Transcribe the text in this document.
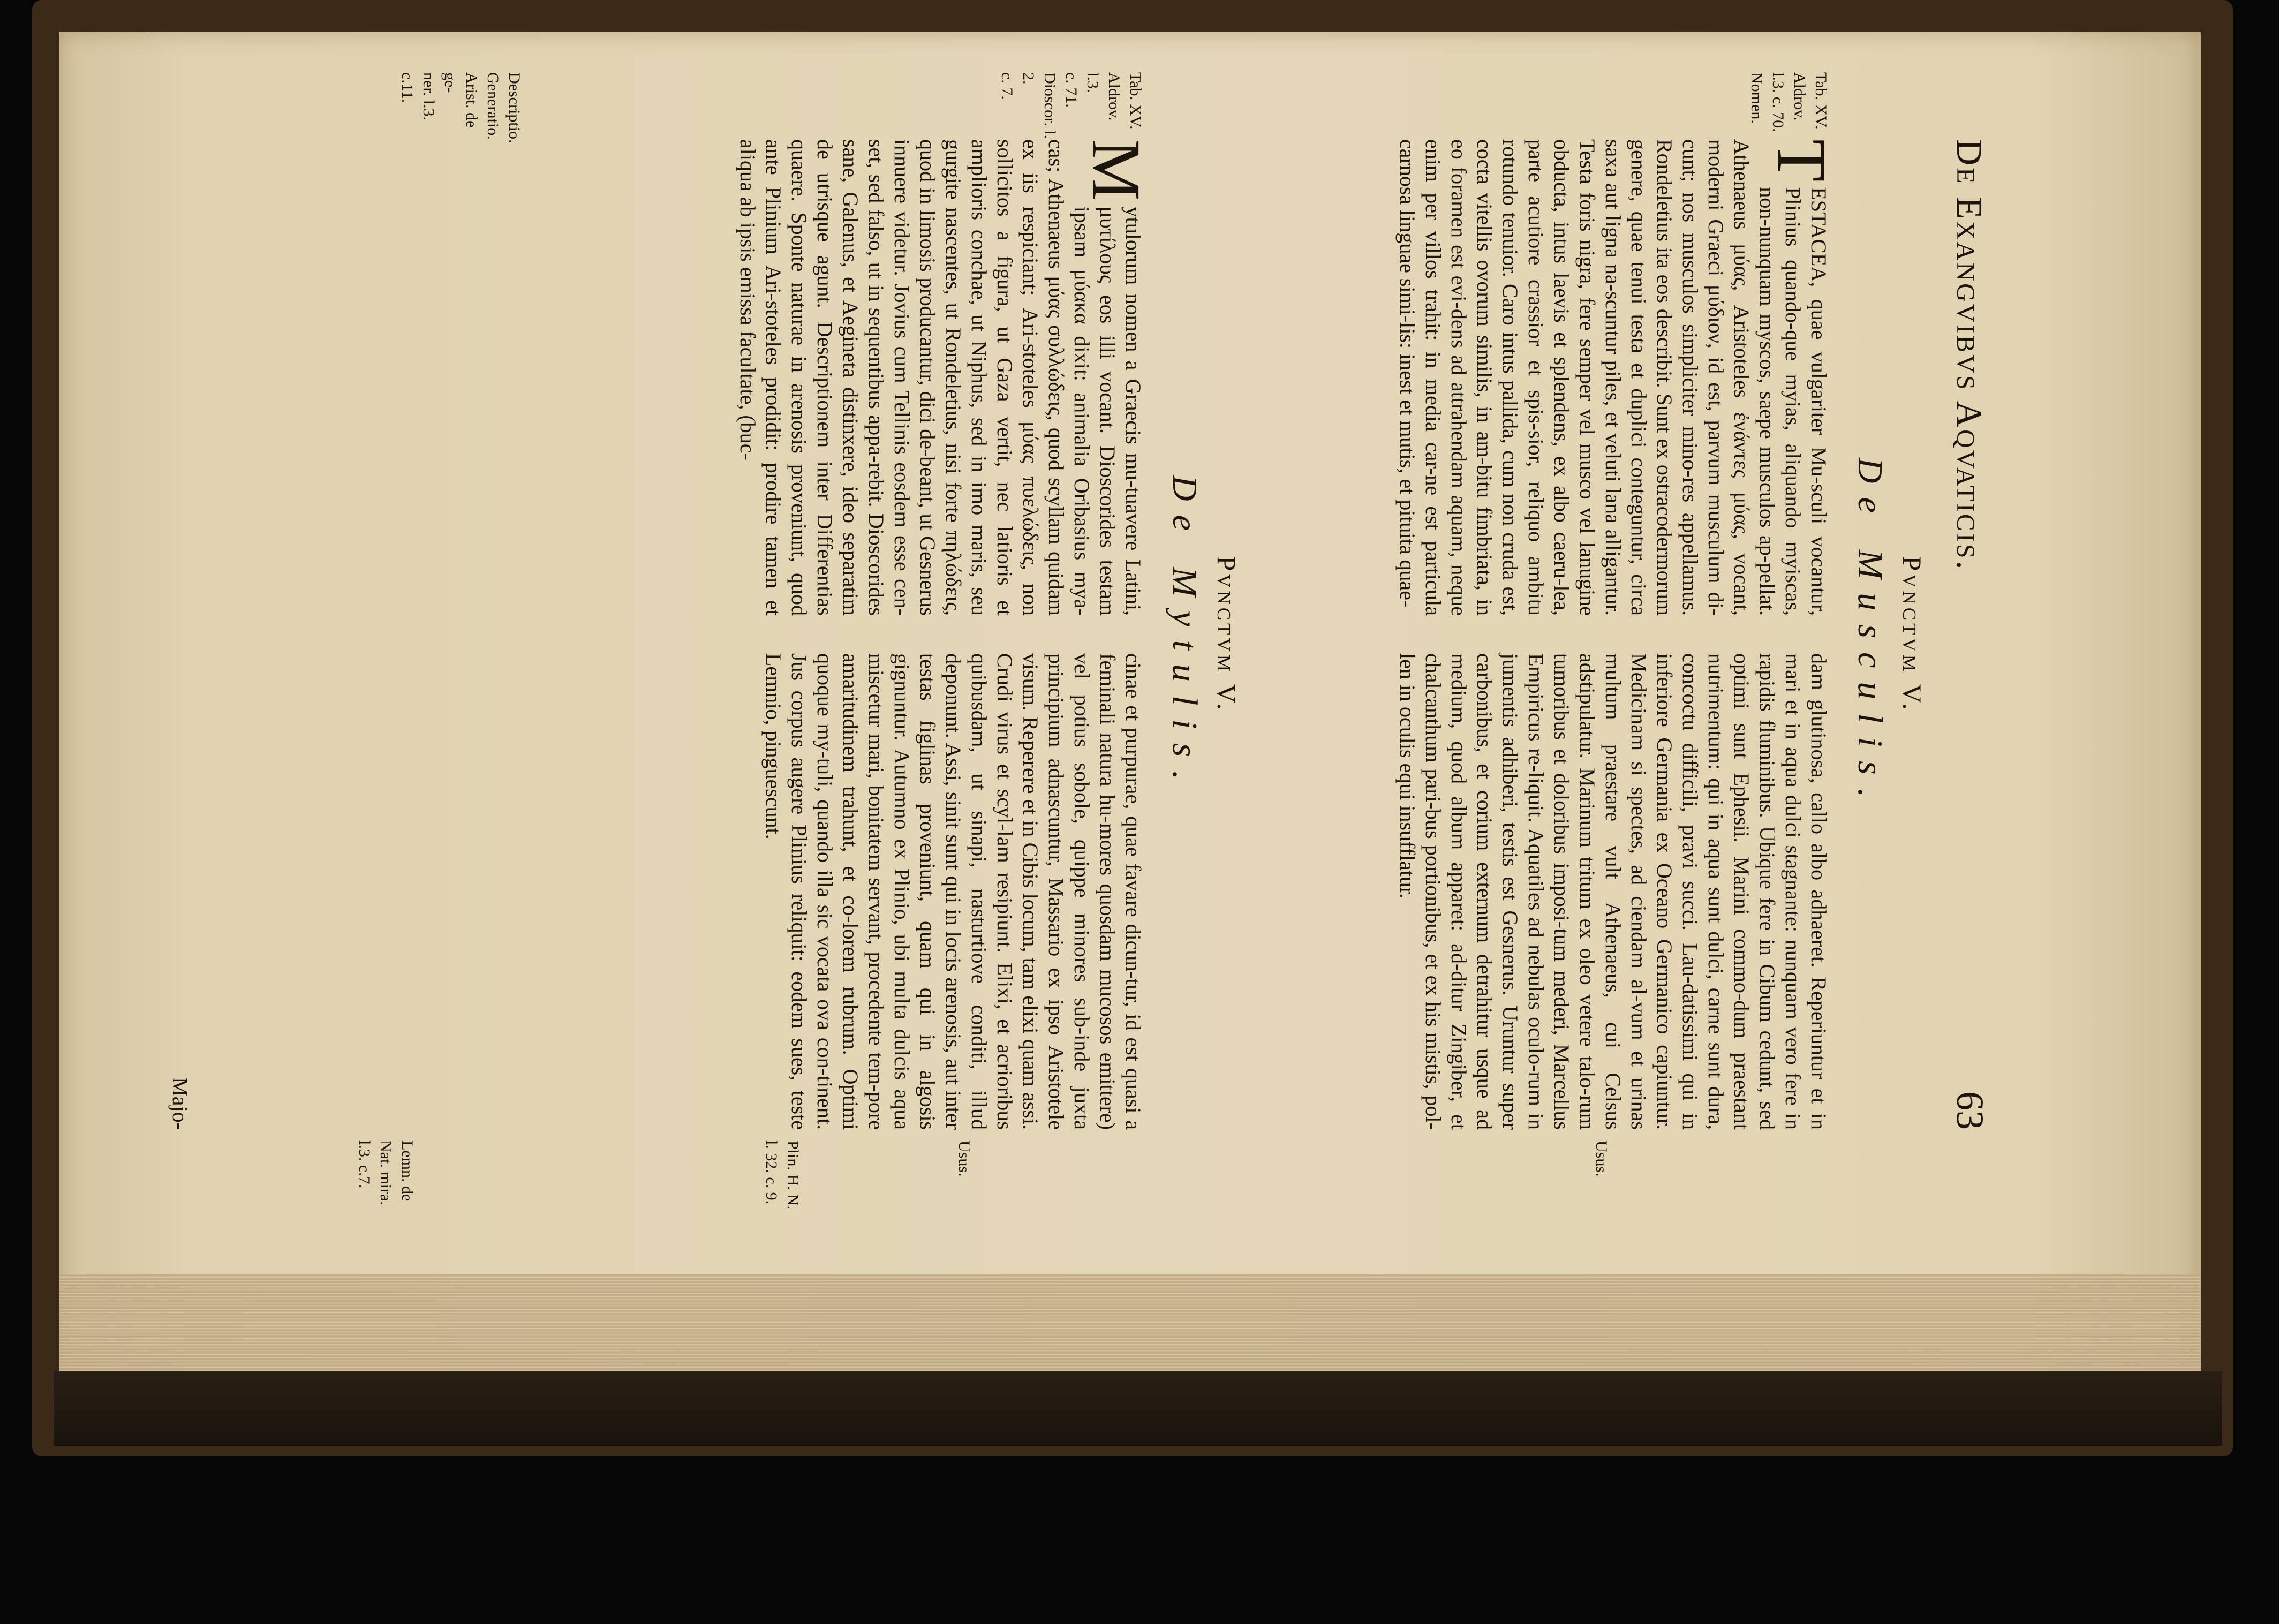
De Exangvibvs Aqvaticis.
63
Pvnctvm V.
De Musculis.
Tab. XV.
Aldrov.
l.3. c. 70.
Nomen.
Usus.

T
ESTACEA, quae vulgariter Mu-sculi vocantur, Plinius quando-que myias, aliquando myiscas, non-nunquam myscos, saepe musculos ap-pellat. Athenaeus μύας, Aristoteles ἐνάντες μύας, vocant, moderni Graeci μύδιον, id est, parvum musculum di-cunt; nos musculos simpliciter mino-res appellamus. Rondeletius ita eos describit. Sunt ex ostracodermorum genere, quae tenui testa et duplici conteguntur, circa saxa aut ligna na-scuntur piles, et veluti lana alligantur. Testa foris nigra, fere semper vel musco vel lanugine obducta, intus laevis et splendens, ex albo caeru-lea, parte acutiore crassior et spis-sior, reliquo ambitu rotundo tenuior. Caro intus pallida, cum non cruda est, cocta vitellis ovorum similis, in am-bitu fimbriata, in eo foramen est evi-dens ad attrahendam aquam, neque enim per villos trahit: in media car-ne est particula carnosa linguae simi-lis: inest et mutis, et pituita quae-

dam glutinosa, callo albo adhaeret. Reperiuntur et in mari et in aqua dulci stagnante: nunquam vero fere in rapidis fluminibus. Ubique fere in Cibum cedunt, sed optimi sunt Ephesii. Marini commo-dum praestant nutrimentum: qui in aqua sunt dulci, carne sunt dura, concoctu difficili, pravi succi. Lau-datissimi qui in inferiore Germania ex Oceano Germanico capiuntur. Medicinam si spectes, ad ciendam al-vum et urinas multum praestare vult Athenaeus, cui Celsus adstipulatur. Marinum tritum ex oleo vetere talo-rum tumoribus et doloribus imposi-tum mederi, Marcellus Empiricus re-liquit. Aquatiles ad nebulas oculo-rum in jumentis adhiberi, testis est Gesnerus. Uruntur super carbonibus, et corium externum detrahitur usque ad medium, quod album apparet: ad-ditur Zingiber, et chalcanthum pari-bus portionibus, et ex his mistis, pol-len in oculis equi insufflatur.

Pvnctvm V.
De Mytulis.
Tab. XV.
Aldrov. l.3.
c. 71.
Dioscor. l. 2.
c. 7.
Descriptio.
Generatio.
Arist. de ge-
ner. l.3. c.11.
Usus.
Plin. H. N.
l. 32. c. 9.
Lemn. de
Nat. mira.
l.3. c.7.

M
ytulorum nomen a Graecis mu-tuavere Latini, μυτίλους eos illi vocant. Dioscorides testam ipsam μύακα dixit: animalia Oribasius mya-cas; Athenaeus μύας συλλώδεις, quod scyllam quidam ex iis respiciant; Ari-stoteles μύας πυελώδεις, non sollicitos a figura, ut Gaza vertit, nec latioris et amplioris conchae, ut Niphus, sed in imo maris, seu gurgite nascentes, ut Rondeletius, nisi forte πηλώδεις, quod in limosis producantur, dici de-beant, ut Gesnerus innuere videtur. Jovius cum Tellinis eosdem esse cen-set, sed falso, ut in sequentibus appa-rebit. Dioscorides sane, Galenus, et Aegineta distinxere, ideo separatim de utrisque agunt. Descriptionem inter Differentias quaere. Sponte naturae in arenosis proveniunt, quod ante Plinium Ari-stoteles prodidit: prodire tamen et aliqua ab ipsis emissa facultate, (buc-

cinae et purpurae, quae favare dicun-tur, id est quasi a feminali natura hu-mores quosdam mucosos emittere) vel potius sobole, quippe minores sub-inde juxta principium adnascuntur, Massario ex ipso Aristotele visum. Reperere et in Cibis locum, tam elixi quam assi. Crudi virus et scyl-lam resipiunt. Elixi, et acrioribus quibusdam, ut sinapi, nasturtiove conditi, illud deponunt. Assi, sinit sunt qui in locis arenosis, aut inter testas figlinas proveniunt, quam qui in algosis gignuntur. Autumno ex Plinio, ubi multa dulcis aqua miscetur mari, bonitatem servant, procedente tem-pore amaritudinem trahunt, et co-lorem rubrum. Optimi quoque my-tuli, quando illa sic vocata ova con-tinent. Jus corpus augere Plinius reliquit: eodem sues, teste Lemnio, pinguescunt.

Majo-
